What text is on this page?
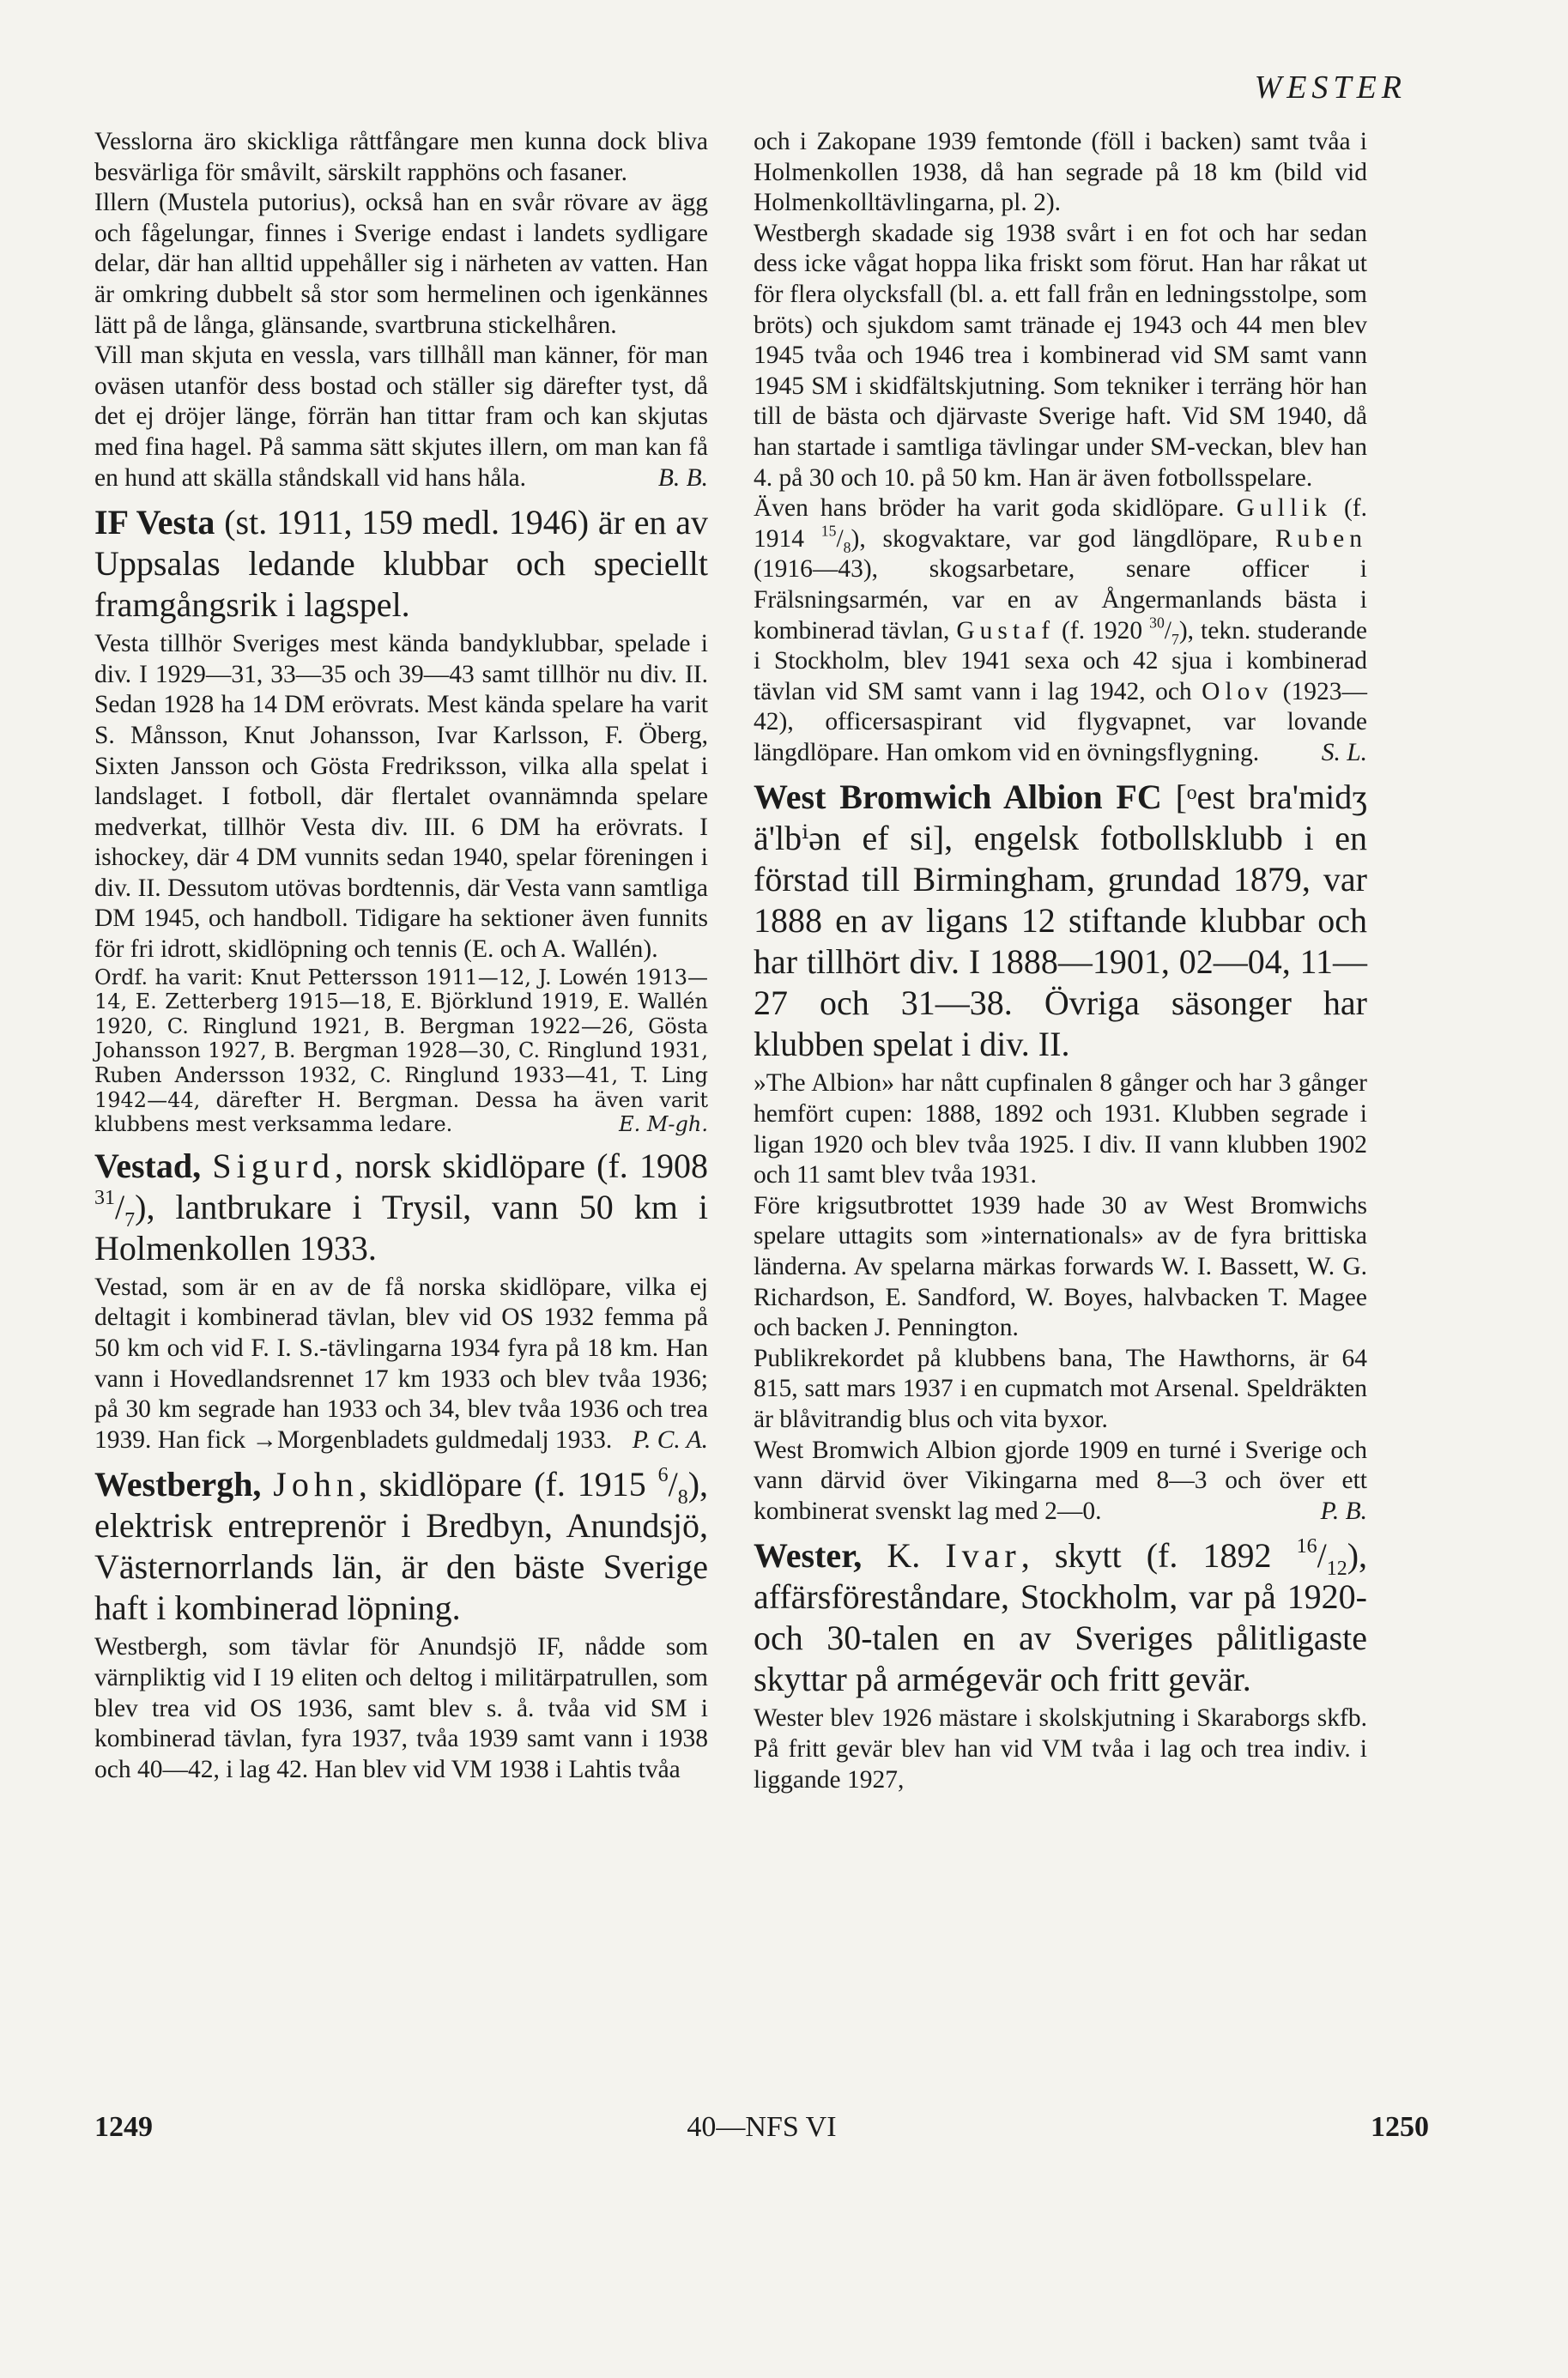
WESTER

Vesslorna äro skickliga råttfångare men kunna dock bliva besvärliga för småvilt, särskilt rapphöns och fasaner.

Illern (Mustela putorius), också han en svår rövare av ägg och fågelungar, finnes i Sverige endast i landets sydligare delar, där han alltid uppehåller sig i närheten av vatten. Han är omkring dubbelt så stor som hermelinen och igenkännes lätt på de långa, glänsande, svartbruna stickelhåren.

Vill man skjuta en vessla, vars tillhåll man känner, för man oväsen utanför dess bostad och ställer sig därefter tyst, då det ej dröjer länge, förrän han tittar fram och kan skjutas med fina hagel. På samma sätt skjutes illern, om man kan få en hund att skälla ståndskall vid hans håla.	B. B.

IF Vesta (st. 1911, 159 medl. 1946) är en av Uppsalas ledande klubbar och speciellt framgångsrik i lagspel.

Vesta tillhör Sveriges mest kända bandyklubbar, spelade i div. I 1929—31, 33—35 och 39—43 samt tillhör nu div. II. Sedan 1928 ha 14 DM erövrats. Mest kända spelare ha varit S. Månsson, Knut Johansson, Ivar Karlsson, F. Öberg, Sixten Jansson och Gösta Fredriksson, vilka alla spelat i landslaget. I fotboll, där flertalet ovannämnda spelare medverkat, tillhör Vesta div. III. 6 DM ha erövrats. I ishockey, där 4 DM vunnits sedan 1940, spelar föreningen i div. II. Dessutom utövas bordtennis, där Vesta vann samtliga DM 1945, och handboll. Tidigare ha sektioner även funnits för fri idrott, skidlöpning och tennis (E. och A. Wallén).

Ordf. ha varit: Knut Pettersson 1911—12, J. Lowén 1913—14, E. Zetterberg 1915—18, E. Björklund 1919, E. Wallén 1920, C. Ringlund 1921, B. Bergman 1922—26, Gösta Johansson 1927, B. Bergman 1928—30, C. Ringlund 1931, Ruben Andersson 1932, C. Ringlund 1933—41, T. Ling 1942—44, därefter H. Bergman. Dessa ha även varit klubbens mest verksamma ledare.	E. M-gh.

Vestad, Sigurd, norsk skidlöpare (f. 1908 $^{31}/_7$), lantbrukare i Trysil, vann 50 km i Holmenkollen 1933.

Vestad, som är en av de få norska skidlöpare, vilka ej deltagit i kombinerad tävlan, blev vid OS 1932 femma på 50 km och vid F. I. S.-tävlingarna 1934 fyra på 18 km. Han vann i Hovedlandsrennet 17 km 1933 och blev tvåa 1936; på 30 km segrade han 1933 och 34, blev tvåa 1936 och trea 1939. Han fick →Morgenbladets guldmedalj 1933. P. C. A.

Westbergh, John, skidlöpare (f. 1915 $^6/_8$), elektrisk entreprenör i Bredbyn, Anundsjö, Västernorrlands län, är den bäste Sverige haft i kombinerad löpning.

Westbergh, som tävlar för Anundsjö IF, nådde som värnpliktig vid I 19 eliten och deltog i militärpatrullen, som blev trea vid OS 1936, samt blev s. å. tvåa vid SM i kombinerad tävlan, fyra 1937, tvåa 1939 samt vann i 1938 och 40—42, i lag 42. Han blev vid VM 1938 i Lahtis tvåa

och i Zakopane 1939 femtonde (föll i backen) samt tvåa i Holmenkollen 1938, då han segrade på 18 km (bild vid Holmenkolltävlingarna, pl. 2).

Westbergh skadade sig 1938 svårt i en fot och har sedan dess icke vågat hoppa lika friskt som förut. Han har råkat ut för flera olycksfall (bl. a. ett fall från en ledningsstolpe, som bröts) och sjukdom samt tränade ej 1943 och 44 men blev 1945 tvåa och 1946 trea i kombinerad vid SM samt vann 1945 SM i skidfältskjutning. Som tekniker i terräng hör han till de bästa och djärvaste Sverige haft. Vid SM 1940, då han startade i samtliga tävlingar under SM-veckan, blev han 4. på 30 och 10. på 50 km. Han är även fotbollsspelare.

Även hans bröder ha varit goda skidlöpare. Gullik (f. 1914 $^{15}/_8$), skogvaktare, var god längdlöpare, Ruben (1916—43), skogsarbetare, senare officer i Frälsningsarmén, var en av Ångermanlands bästa i kombinerad tävlan, Gustaf (f. 1920 $^{30}/_7$), tekn. studerande i Stockholm, blev 1941 sexa och 42 sjua i kombinerad tävlan vid SM samt vann i lag 1942, och Olov (1923—42), officersaspirant vid flygvapnet, var lovande längdlöpare. Han omkom vid en övningsflygning. S. L.

West Bromwich Albion FC [ᵒest bra'midʒ ä'lbⁱən ef si], engelsk fotbollsklubb i en förstad till Birmingham, grundad 1879, var 1888 en av ligans 12 stiftande klubbar och har tillhört div. I 1888—1901, 02—04, 11—27 och 31—38. Övriga säsonger har klubben spelat i div. II.

»The Albion» har nått cupfinalen 8 gånger och har 3 gånger hemfört cupen: 1888, 1892 och 1931. Klubben segrade i ligan 1920 och blev tvåa 1925. I div. II vann klubben 1902 och 11 samt blev tvåa 1931.

Före krigsutbrottet 1939 hade 30 av West Bromwichs spelare uttagits som »internationals» av de fyra brittiska länderna. Av spelarna märkas forwards W. I. Bassett, W. G. Richardson, E. Sandford, W. Boyes, halvbacken T. Magee och backen J. Pennington.

Publikrekordet på klubbens bana, The Hawthorns, är 64 815, satt mars 1937 i en cupmatch mot Arsenal. Speldräkten är blåvitrandig blus och vita byxor.

West Bromwich Albion gjorde 1909 en turné i Sverige och vann därvid över Vikingarna med 8—3 och över ett kombinerat svenskt lag med 2—0.	P. B.

Wester, K. Ivar, skytt (f. 1892 $^{16}/_{12}$), affärsföreståndare, Stockholm, var på 1920- och 30-talen en av Sveriges pålitligaste skyttar på armégevär och fritt gevär.

Wester blev 1926 mästare i skolskjutning i Skaraborgs skfb. På fritt gevär blev han vid VM tvåa i lag och trea indiv. i liggande 1927,

40—NFS VI
1249	1250
